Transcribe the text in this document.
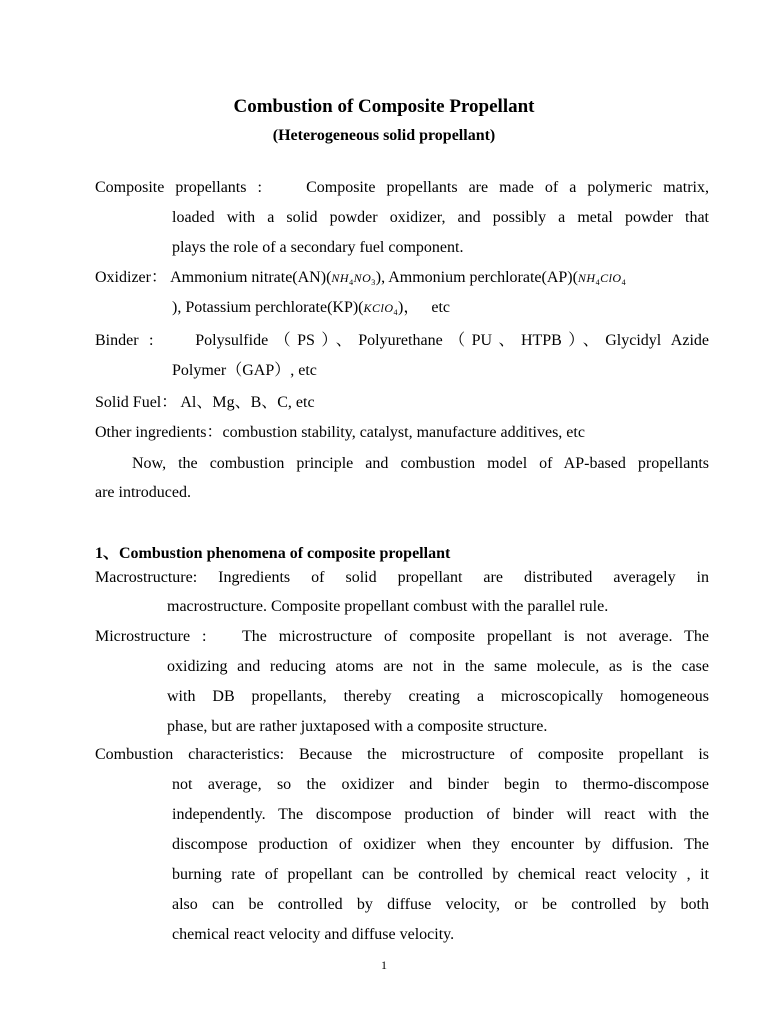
Combustion of Composite Propellant
(Heterogeneous solid propellant)
Composite propellants :    Composite propellants are made of a polymeric matrix,
loaded with a solid powder oxidizer, and possibly a metal powder that
plays the role of a secondary fuel component.
Oxidizer： Ammonium $nitrate(AN)(NH_4NO_3)$, Ammonium $perchlorate(AP)(NH_4ClO_4$
), Potassium perchlorate(KP)(KClO$_4$)，   etc
Binder :    Polysulfide（PS）、Polyurethane（PU、HTPB）、Glycidyl Azide
Polymer（GAP）, etc
Solid Fuel： Al、Mg、B、C, etc
Other ingredients：combustion stability, catalyst, manufacture additives, etc
Now, the combustion principle and combustion model of AP-based propellants
are introduced.
1、Combustion phenomena of composite propellant
Macrostructure: Ingredients of solid propellant are distributed averagely in
macrostructure. Composite propellant combust with the parallel rule.
Microstructure :   The microstructure of composite propellant is not average. The
oxidizing and reducing atoms are not in the same molecule, as is the case
with DB propellants, thereby creating a microscopically homogeneous
phase, but are rather juxtaposed with a composite structure.
Combustion characteristics: Because the microstructure of composite propellant is
not average, so the oxidizer and binder begin to thermo-discompose
independently. The discompose production of binder will react with the
discompose production of oxidizer when they encounter by diffusion. The
burning rate of propellant can be controlled by chemical react velocity , it
also can be controlled by diffuse velocity, or be controlled by both
chemical react velocity and diffuse velocity.
1
